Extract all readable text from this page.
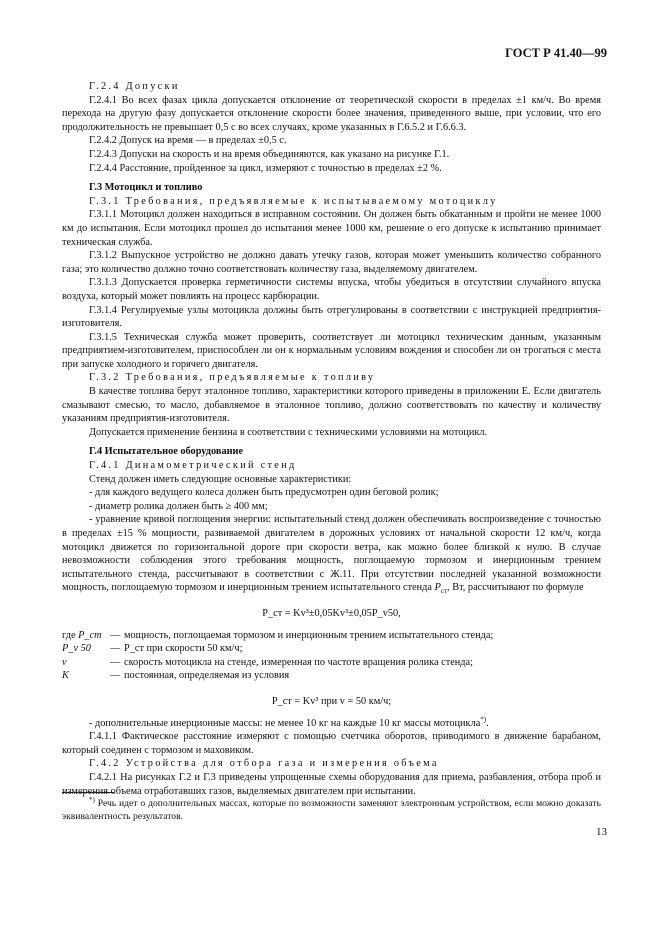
ГОСТ Р 41.40—99

Г.2.4 Допуски

Г.2.4.1 Во всех фазах цикла допускается отклонение от теоретической скорости в пределах ±1 км/ч. Во время перехода на другую фазу допускается отклонение скорости более значения, приведенного выше, при условии, что его продолжительность не превышает 0,5 с во всех случаях, кроме указанных в Г.6.5.2 и Г.6.6.3.

Г.2.4.2 Допуск на время — в пределах ±0,5 с.

Г.2.4.3 Допуски на скорость и на время объединяются, как указано на рисунке Г.1.

Г.2.4.4 Расстояние, пройденное за цикл, измеряют с точностью в пределах ±2 %.

Г.3 Мотоцикл и топливо

Г.3.1 Требования, предъявляемые к испытываемому мотоциклу

Г.3.1.1 Мотоцикл должен находиться в исправном состоянии. Он должен быть обкатанным и пройти не менее 1000 км до испытания. Если мотоцикл прошел до испытания менее 1000 км, решение о его допуске к испытанию принимает техническая служба.

Г.3.1.2 Выпускное устройство не должно давать утечку газов, которая может уменьшить количество собранного газа; это количество должно точно соответствовать количеству газа, выделяемому двигателем.

Г.3.1.3 Допускается проверка герметичности системы впуска, чтобы убедиться в отсутствии случайного впуска воздуха, который может повлиять на процесс карбюрации.

Г.3.1.4 Регулируемые узлы мотоцикла должны быть отрегулированы в соответствии с инструкцией предприятия-изготовителя.

Г.3.1.5 Техническая служба может проверить, соответствует ли мотоцикл техническим данным, указанным предприятием-изготовителем, приспособлен ли он к нормальным условиям вождения и способен ли он трогаться с места при запуске холодного и горячего двигателя.

Г.3.2 Требования, предъявляемые к топливу

В качестве топлива берут эталонное топливо, характеристики которого приведены в приложении Е. Если двигатель смазывают смесью, то масло, добавляемое в эталонное топливо, должно соответствовать по качеству и количеству указаниям предприятия-изготовителя.

Допускается применение бензина в соответствии с техническими условиями на мотоцикл.

Г.4 Испытательное оборудование

Г.4.1 Динамометрический стенд

Стенд должен иметь следующие основные характеристики:

- для каждого ведущего колеса должен быть предусмотрен один беговой ролик;

- диаметр ролика должен быть ≥ 400 мм;

- уравнение кривой поглощения энергии: испытательный стенд должен обеспечивать воспроизведение с точностью в пределах ±15 % мощности, развиваемой двигателем в дорожных условиях от начальной скорости 12 км/ч, когда мотоцикл движется по горизонтальной дороге при скорости ветра, как можно более близкой к нулю. В случае невозможности соблюдения этого требования мощность, поглощаемую тормозом и инерционным трением испытательного стенда, рассчитывают в соответствии с Ж.11. При отсутствии последней указанной возможности мощность, поглощаемую тормозом и инерционным трением испытательного стенда $P_{ст}$, Вт, рассчитывают по формуле

P_ст = Kv³±0,05Kv³±0,05P_v50,

где P_ст — мощность, поглощаемая тормозом и инерционным трением испытательного стенда;
P_v 50	— P_ст при скорости 50 км/ч;
v	— скорость мотоцикла на стенде, измеренная по частоте вращения ролика стенда;
K	— постоянная, определяемая из условия

P_ст = Kv³ при v = 50 км/ч;

- дополнительные инерционные массы: не менее 10 кг на каждые 10 кг массы мотоцикла*).

Г.4.1.1 Фактическое расстояние измеряют с помощью счетчика оборотов, приводимого в движение барабаном, который соединен с тормозом и маховиком.

Г.4.2 Устройства для отбора газа и измерения объема

Г.4.2.1 На рисунках Г.2 и Г.3 приведены упрощенные схемы оборудования для приема, разбавления, отбора проб и измерения объема отработавших газов, выделяемых двигателем при испытании.

*) Речь идет о дополнительных массах, которые по возможности заменяют электронным устройством, если можно доказать эквивалентность результатов.
13
